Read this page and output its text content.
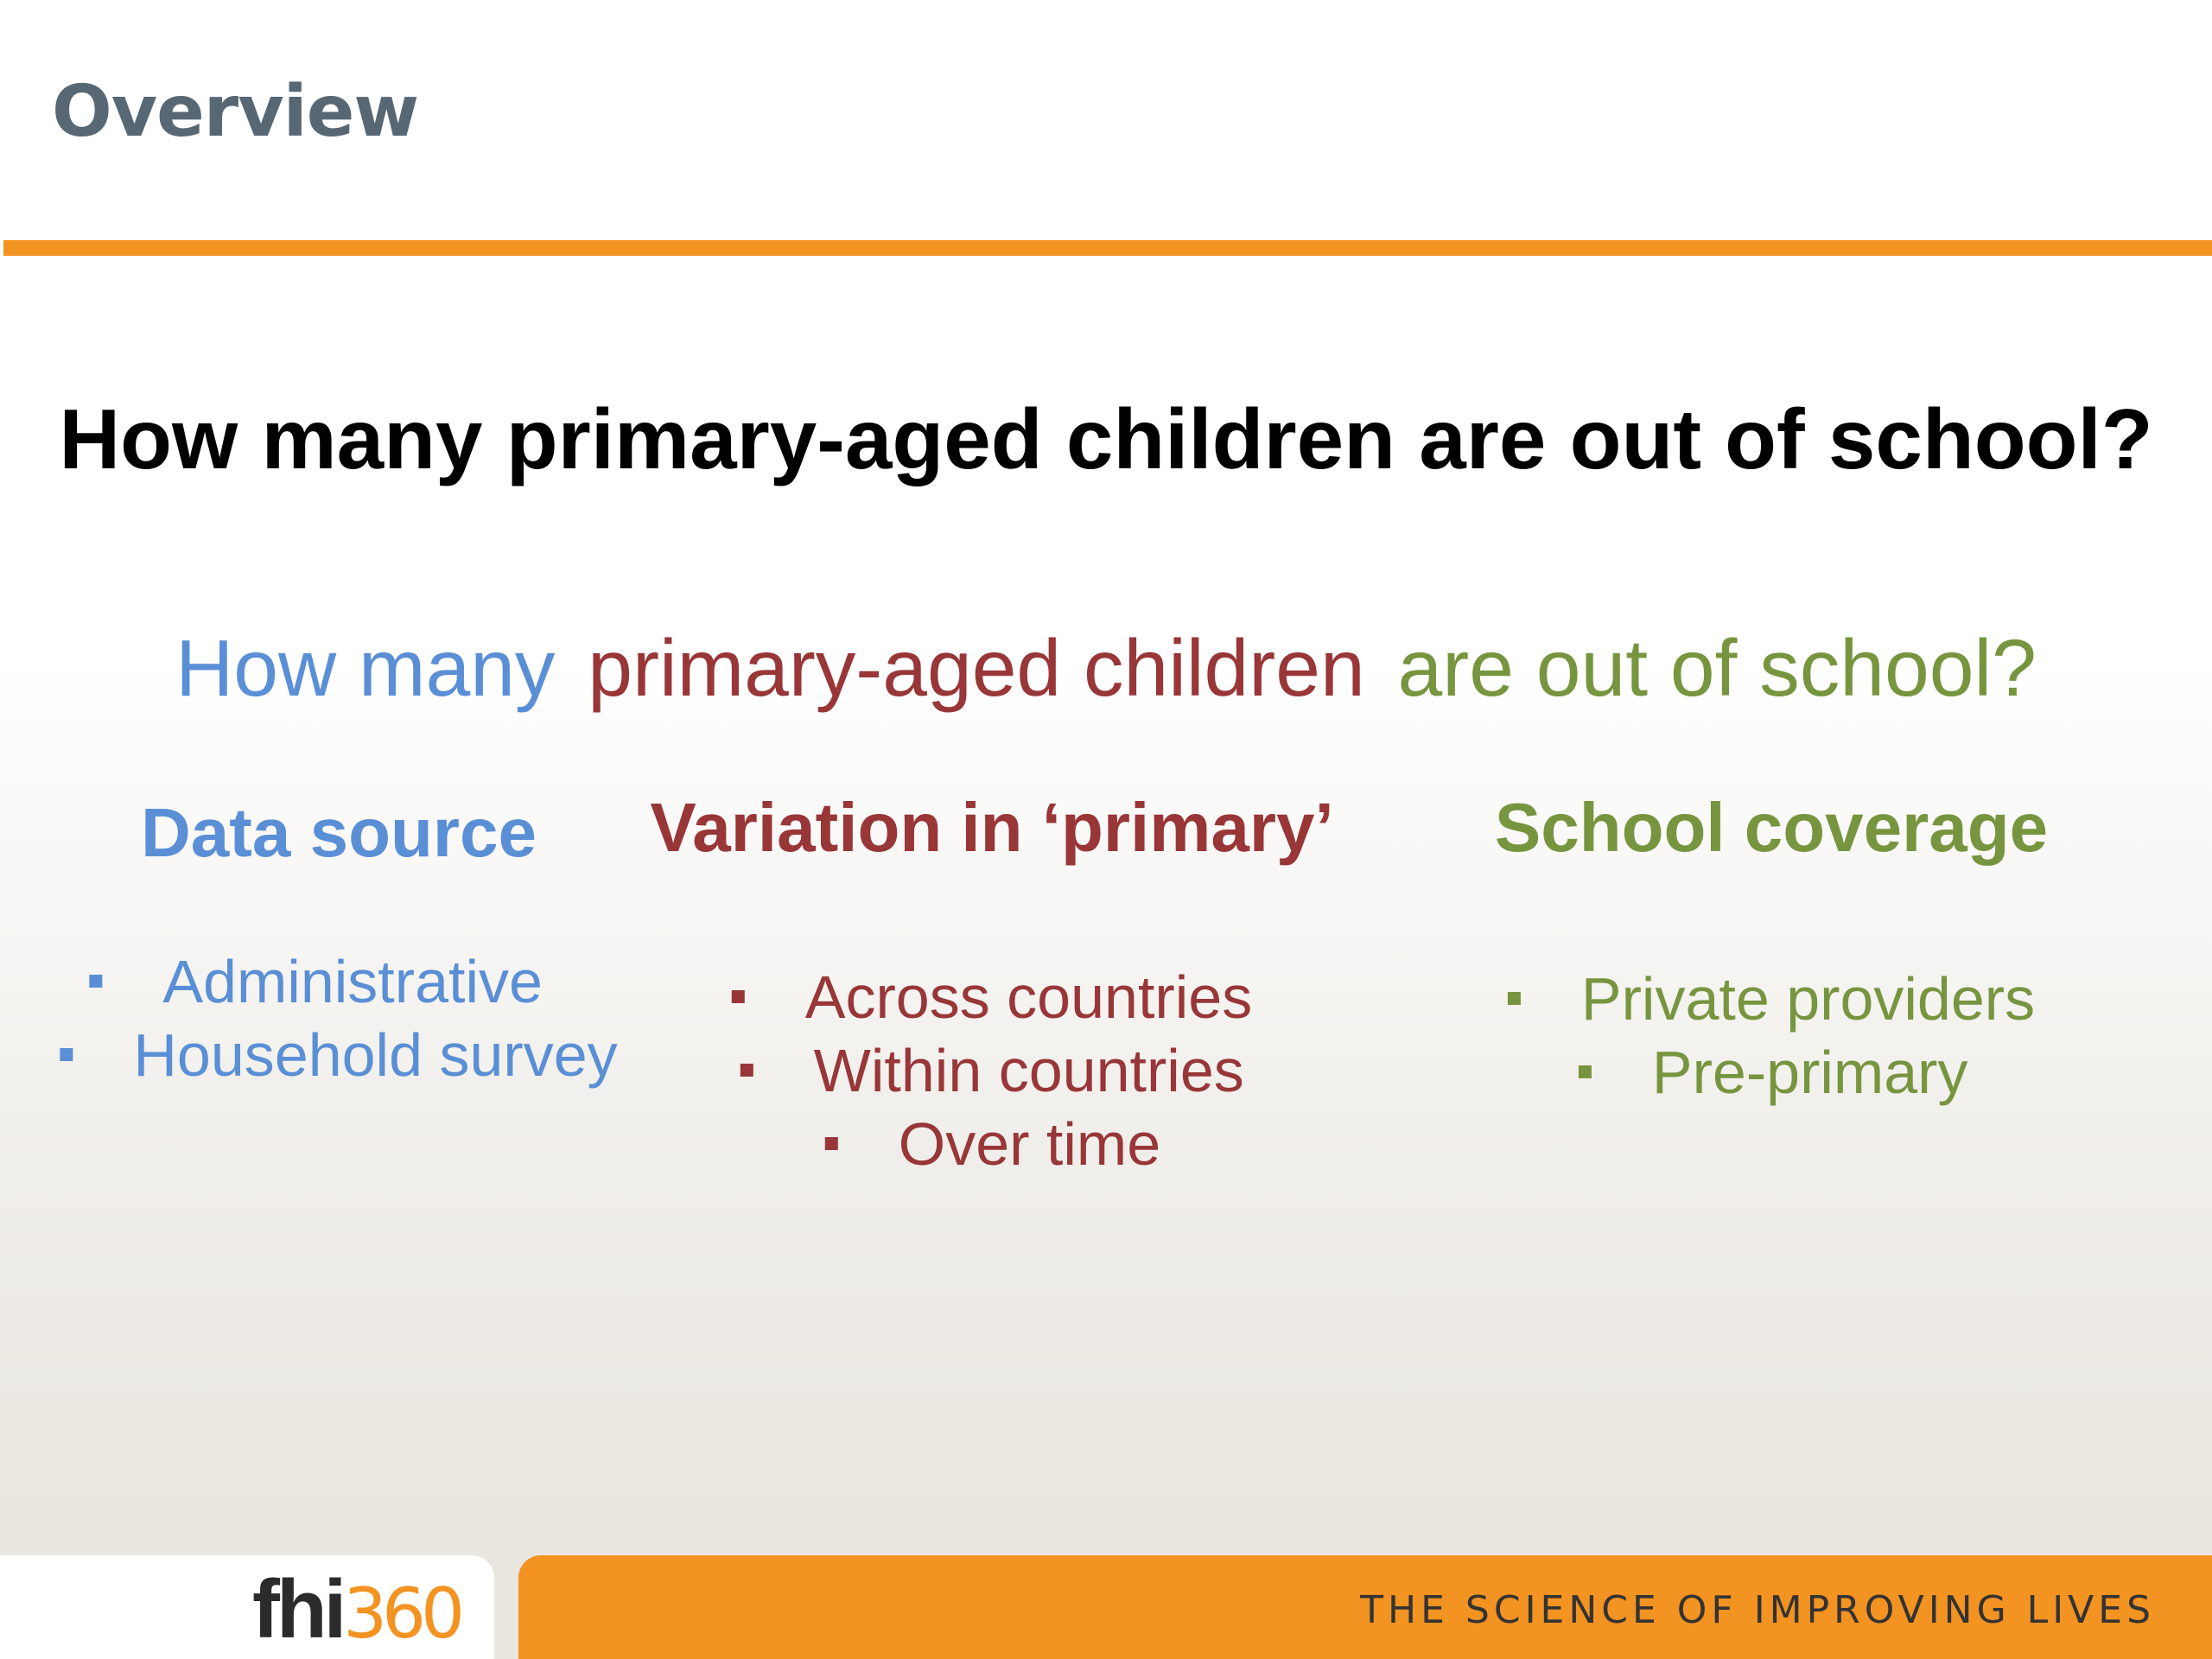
Overview
How many primary-aged children are out of school?
How many primary-aged children are out of school?
Data source
Administrative
Household survey
Variation in ‘primary’
Across countries
Within countries
Over time
School coverage
Private providers
Pre-primary
fhi360	THE SCIENCE OF IMPROVING LIVES
